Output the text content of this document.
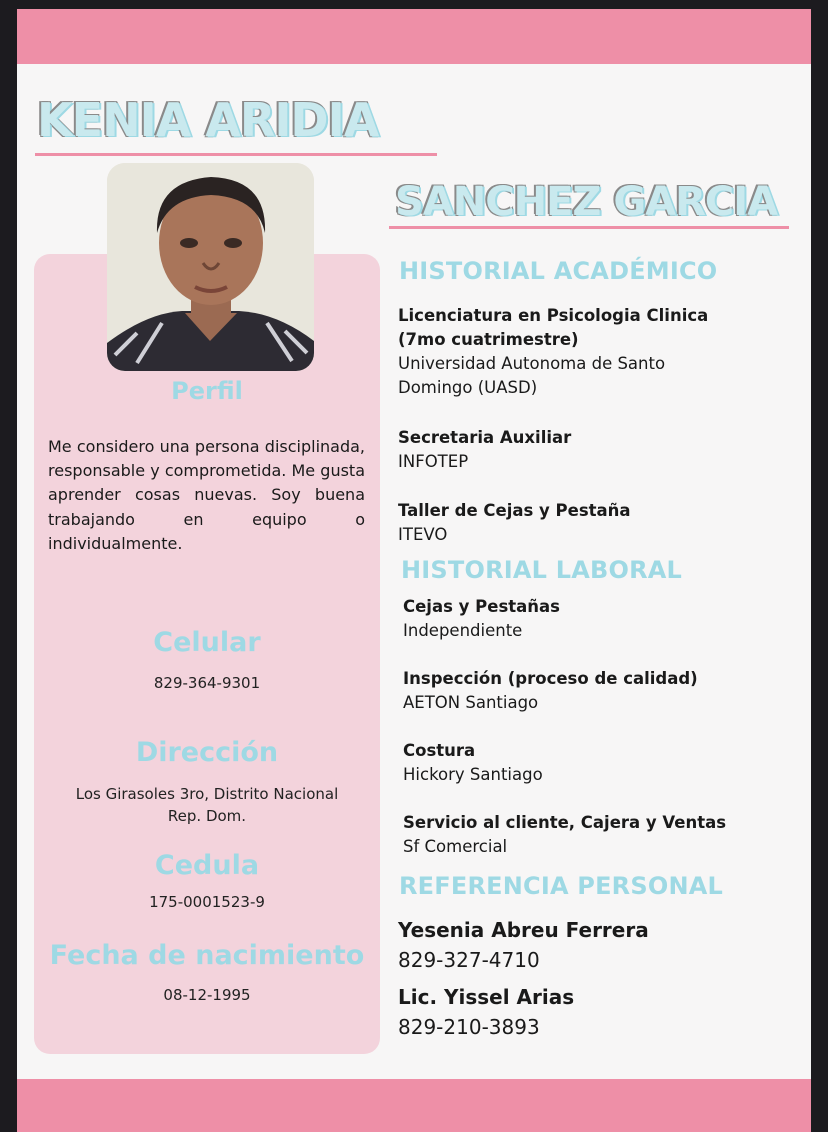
KENIA ARIDIA
SANCHEZ GARCIA
Perfil
Me considero una persona disciplinada, responsable y comprometida. Me gusta aprender cosas nuevas. Soy buena trabajando en equipo o individualmente.
Celular
829-364-9301
Dirección
Los Girasoles 3ro, Distrito Nacional
Rep. Dom.
Cedula
175-0001523-9
Fecha de nacimiento
08-12-1995
HISTORIAL ACADÉMICO
Licenciatura en Psicologia Clinica
(7mo cuatrimestre)
Universidad Autonoma de Santo
Domingo (UASD)
Secretaria Auxiliar
INFOTEP
Taller de Cejas y Pestaña
ITEVO
HISTORIAL LABORAL
Cejas y Pestañas
Independiente
Inspección (proceso de calidad)
AETON Santiago
Costura
Hickory Santiago
Servicio al cliente, Cajera y Ventas
Sf Comercial
REFERENCIA PERSONAL
Yesenia Abreu Ferrera
829-327-4710
Lic. Yissel Arias
829-210-3893
